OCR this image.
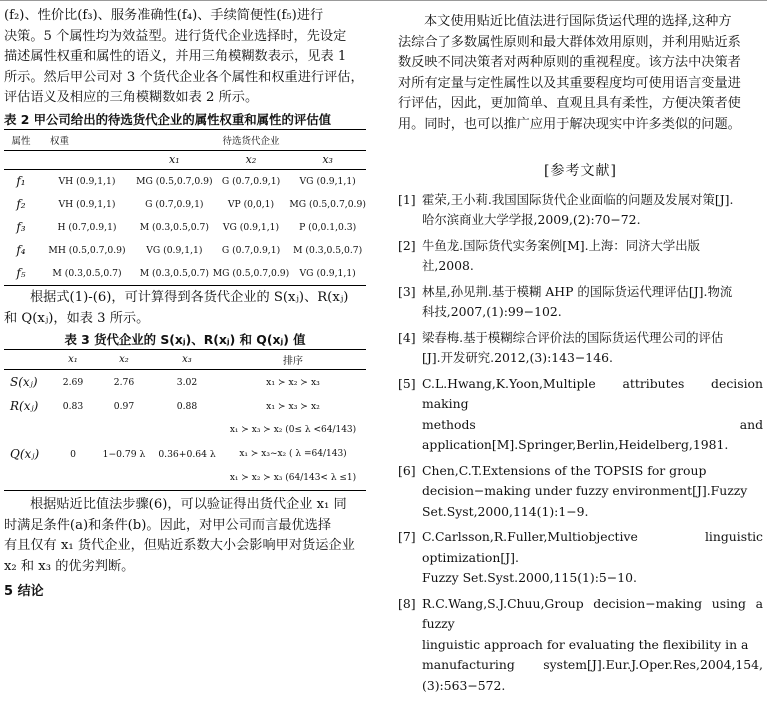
(f₂)、性价比(f₃)、服务准确性(f₄)、手续简便性(f₅)进行
决策。5 个属性均为效益型。进行货代企业选择时，先设定
描述属性权重和属性的语义，并用三角模糊数表示，见表 1
所示。然后甲公司对 3 个货代企业各个属性和权重进行评估，
评估语义及相应的三角模糊数如表 2 所示。

表 2 甲公司给出的待选货代企业的属性权重和属性的评估值
属性	权重	待选货代企业		
		x₁	x₂	x₃
f₁	VH (0.9,1,1)	MG (0.5,0.7,0.9)	G (0.7,0.9,1)	VG (0.9,1,1)
f₂	VH (0.9,1,1)	G (0.7,0.9,1)	VP (0,0,1)	MG (0.5,0.7,0.9)
f₃	H (0.7,0.9,1)	M (0.3,0.5,0.7)	VG (0.9,1,1)	P (0,0.1,0.3)
f₄	MH (0.5,0.7,0.9)	VG (0.9,1,1)	G (0.7,0.9,1)	M (0.3,0.5,0.7)
f₅	M (0.3,0.5,0.7)	M (0.3,0.5,0.7)	MG (0.5,0.7,0.9)	VG (0.9,1,1)

根据式(1)-(6)，可计算得到各货代企业的 S(xⱼ)、R(xⱼ)
和 Q(xⱼ)，如表 3 所示。

表 3 货代企业的 S(xⱼ)、R(xⱼ) 和 Q(xⱼ) 值
	x₁	x₂	x₃	排序
S(xⱼ)	2.69	2.76	3.02	x₁ ≻ x₂ ≻ x₃
R(xⱼ)	0.83	0.97	0.88	x₁ ≻ x₃ ≻ x₂
Q(xⱼ)	0	1−0.79 λ	0.36+0.64 λ	x₁ ≻ x₃ ≻ x₂ (0≤ λ <64/143)
x₁ ≻ x₃~x₂ ( λ =64/143)
x₁ ≻ x₂ ≻ x₃ (64/143< λ ≤1)

根据贴近比值法步骤(6)，可以验证得出货代企业 x₁ 同
时满足条件(a)和条件(b)。因此，对甲公司而言最优选择
有且仅有 x₁ 货代企业，但贴近系数大小会影响甲对货运企业
x₂ 和 x₃ 的优劣判断。

5 结论

本文使用贴近比值法进行国际货运代理的选择,这种方
法综合了多数属性原则和最大群体效用原则，并利用贴近系
数反映不同决策者对两种原则的重视程度。该方法中决策者
对所有定量与定性属性以及其重要程度均可使用语言变量进
行评估，因此，更加简单、直观且具有柔性，方便决策者使
用。同时，也可以推广应用于解决现实中许多类似的问题。

[参考文献]
[1] 霍荣,王小莉.我国国际货代企业面临的问题及发展对策[J].
哈尔滨商业大学学报,2009,(2):70−72.
[2] 牛鱼龙.国际货代实务案例[M].上海：同济大学出版
社,2008.
[3] 林星,孙见荆.基于模糊 AHP 的国际货运代理评估[J].物流
科技,2007,(1):99−102.
[4] 梁春梅.基于模糊综合评价法的国际货运代理公司的评估
[J].开发研究.2012,(3):143−146.
[5] C.L.Hwang,K.Yoon,Multiple attributes decision making
methods and application[M].Springer,Berlin,Heidelberg,1981.
[6] Chen,C.T.Extensions of the TOPSIS for group
decision−making under fuzzy environment[J].Fuzzy
Set.Syst,2000,114(1):1−9.
[7] C.Carlsson,R.Fuller,Multiobjective linguistic optimization[J].
Fuzzy Set.Syst.2000,115(1):5−10.
[8] R.C.Wang,S.J.Chuu,Group decision−making using a fuzzy
linguistic approach for evaluating the flexibility in a
manufacturing system[J].Eur.J.Oper.Res,2004,154,(3):563−572.
